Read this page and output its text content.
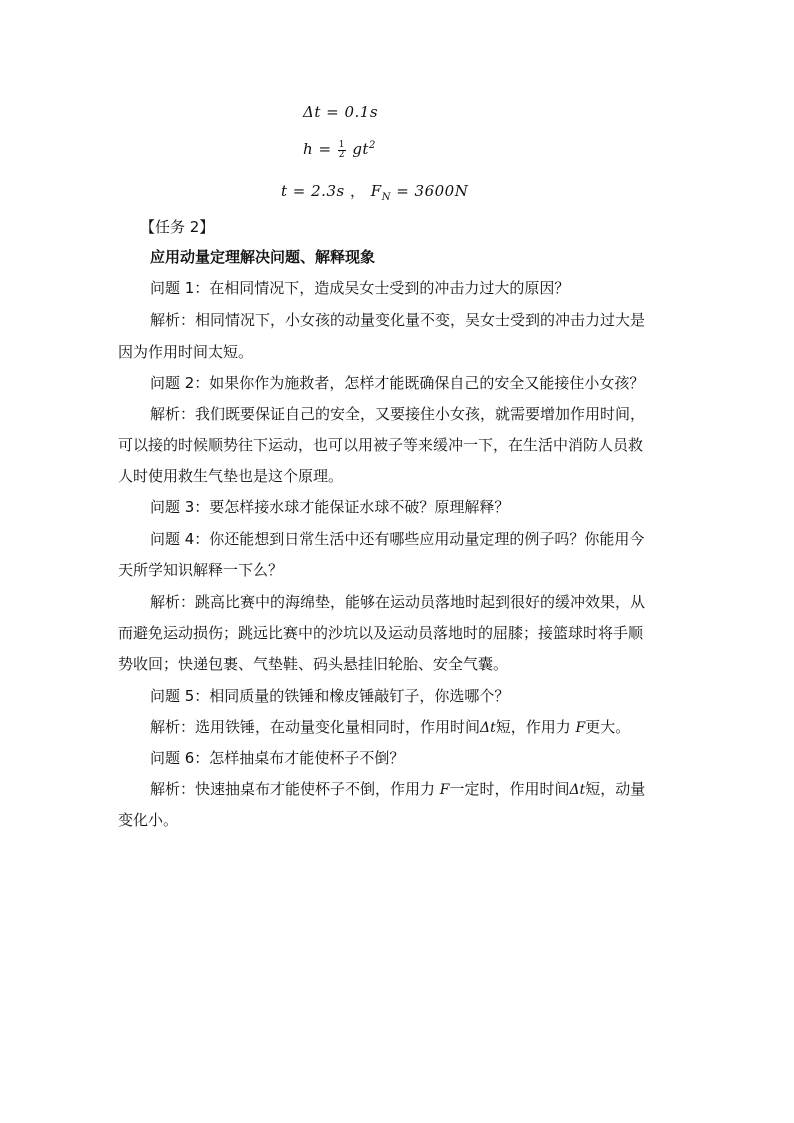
Δt = 0.1s
$h = \frac{1}{2} gt^2$
t = 2.3s ， $F_N = 3600N$
【任务 2】
应用动量定理解决问题、解释现象
问题 1：在相同情况下，造成吴女士受到的冲击力过大的原因？
解析：相同情况下，小女孩的动量变化量不变，吴女士受到的冲击力过大是
因为作用时间太短。
问题 2：如果你作为施救者，怎样才能既确保自己的安全又能接住小女孩？
解析：我们既要保证自己的安全，又要接住小女孩，就需要增加作用时间，
可以接的时候顺势往下运动，也可以用被子等来缓冲一下，在生活中消防人员救
人时使用救生气垫也是这个原理。
问题 3：要怎样接水球才能保证水球不破？原理解释？
问题 4：你还能想到日常生活中还有哪些应用动量定理的例子吗？你能用今
天所学知识解释一下么？
解析：跳高比赛中的海绵垫，能够在运动员落地时起到很好的缓冲效果，从
而避免运动损伤；跳远比赛中的沙坑以及运动员落地时的屈膝；接篮球时将手顺
势收回；快递包裹、气垫鞋、码头悬挂旧轮胎、安全气囊。
问题 5：相同质量的铁锤和橡皮锤敲钉子，你选哪个？
解析：选用铁锤，在动量变化量相同时，作用时间Δt短，作用力 F更大。
问题 6：怎样抽桌布才能使杯子不倒？
解析：快速抽桌布才能使杯子不倒，作用力 F一定时，作用时间Δt短，动量
变化小。
